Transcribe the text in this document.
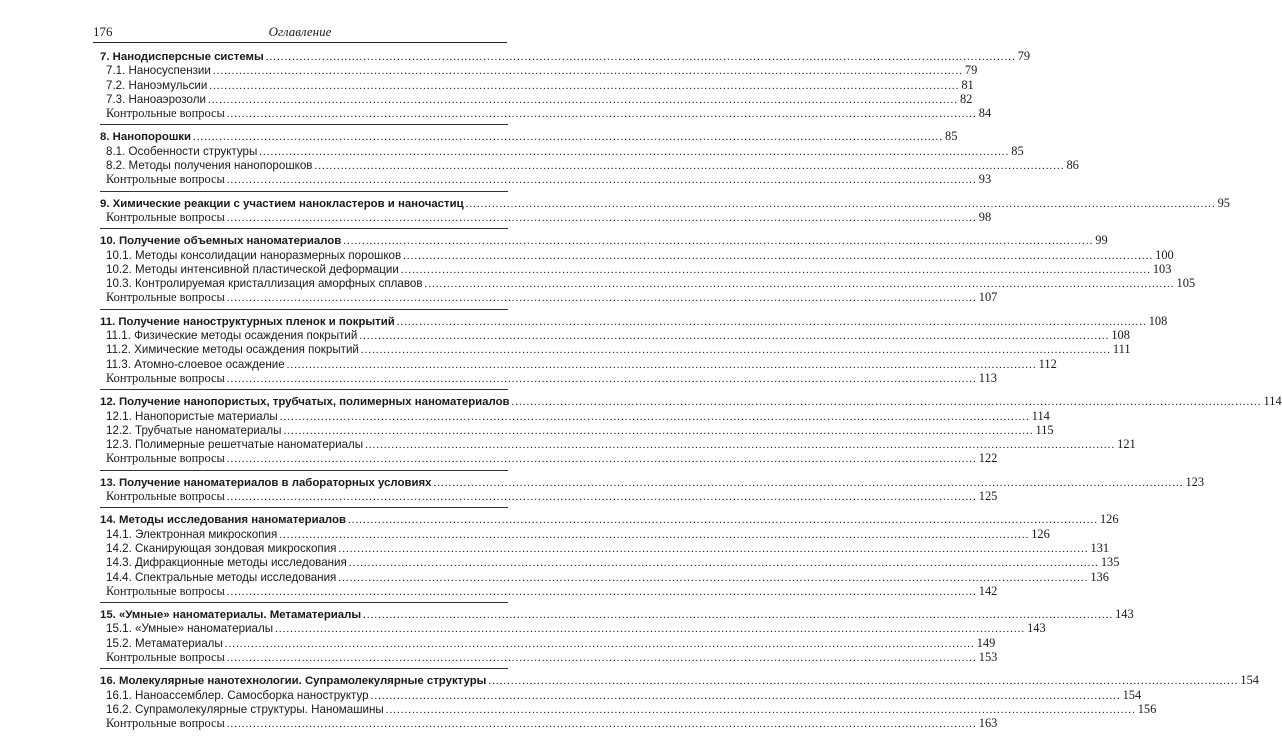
176	Оглавление
7. Нанодисперсные системы .....	79
7.1. Наносуспензии .....	79
7.2. Наноэмульсии .....	81
7.3. Наноаэрозоли .....	82
Контрольные вопросы .....	84
8. Нанопорошки .....	85
8.1. Особенности структуры .....	85
8.2. Методы получения нанопорошков .....	86
Контрольные вопросы .....	93
9. Химические реакции с участием нанокластеров и наночастиц .....	95
Контрольные вопросы .....	98
10. Получение объемных наноматериалов .....	99
10.1. Методы консолидации наноразмерных порошков .....	100
10.2. Методы интенсивной пластической деформации .....	103
10.3. Контролируемая кристаллизация аморфных сплавов .....	105
Контрольные вопросы .....	107
11. Получение наноструктурных пленок и покрытий .....	108
11.1. Физические методы осаждения покрытий .....	108
11.2. Химические методы осаждения покрытий .....	111
11.3. Атомно-слоевое осаждение .....	112
Контрольные вопросы .....	113
12. Получение нанопористых, трубчатых, полимерных наноматериалов .....	114
12.1. Нанопористые материалы .....	114
12.2. Трубчатые наноматериалы .....	115
12.3. Полимерные решетчатые наноматериалы .....	121
Контрольные вопросы .....	122
13. Получение наноматериалов в лабораторных условиях .....	123
Контрольные вопросы .....	125
14. Методы исследования наноматериалов .....	126
14.1. Электронная микроскопия .....	126
14.2. Сканирующая зондовая микроскопия .....	131
14.3. Дифракционные методы исследования .....	135
14.4. Спектральные методы исследования .....	136
Контрольные вопросы .....	142
15. «Умные» наноматериалы. Метаматериалы .....	143
15.1. «Умные» наноматериалы .....	143
15.2. Метаматериалы .....	149
Контрольные вопросы .....	153
16. Молекулярные нанотехнологии. Супрамолекулярные структуры .....	154
16.1. Наноассемблер. Самосборка наноструктур .....	154
16.2. Супрамолекулярные структуры. Наномашины .....	156
Контрольные вопросы .....	163
